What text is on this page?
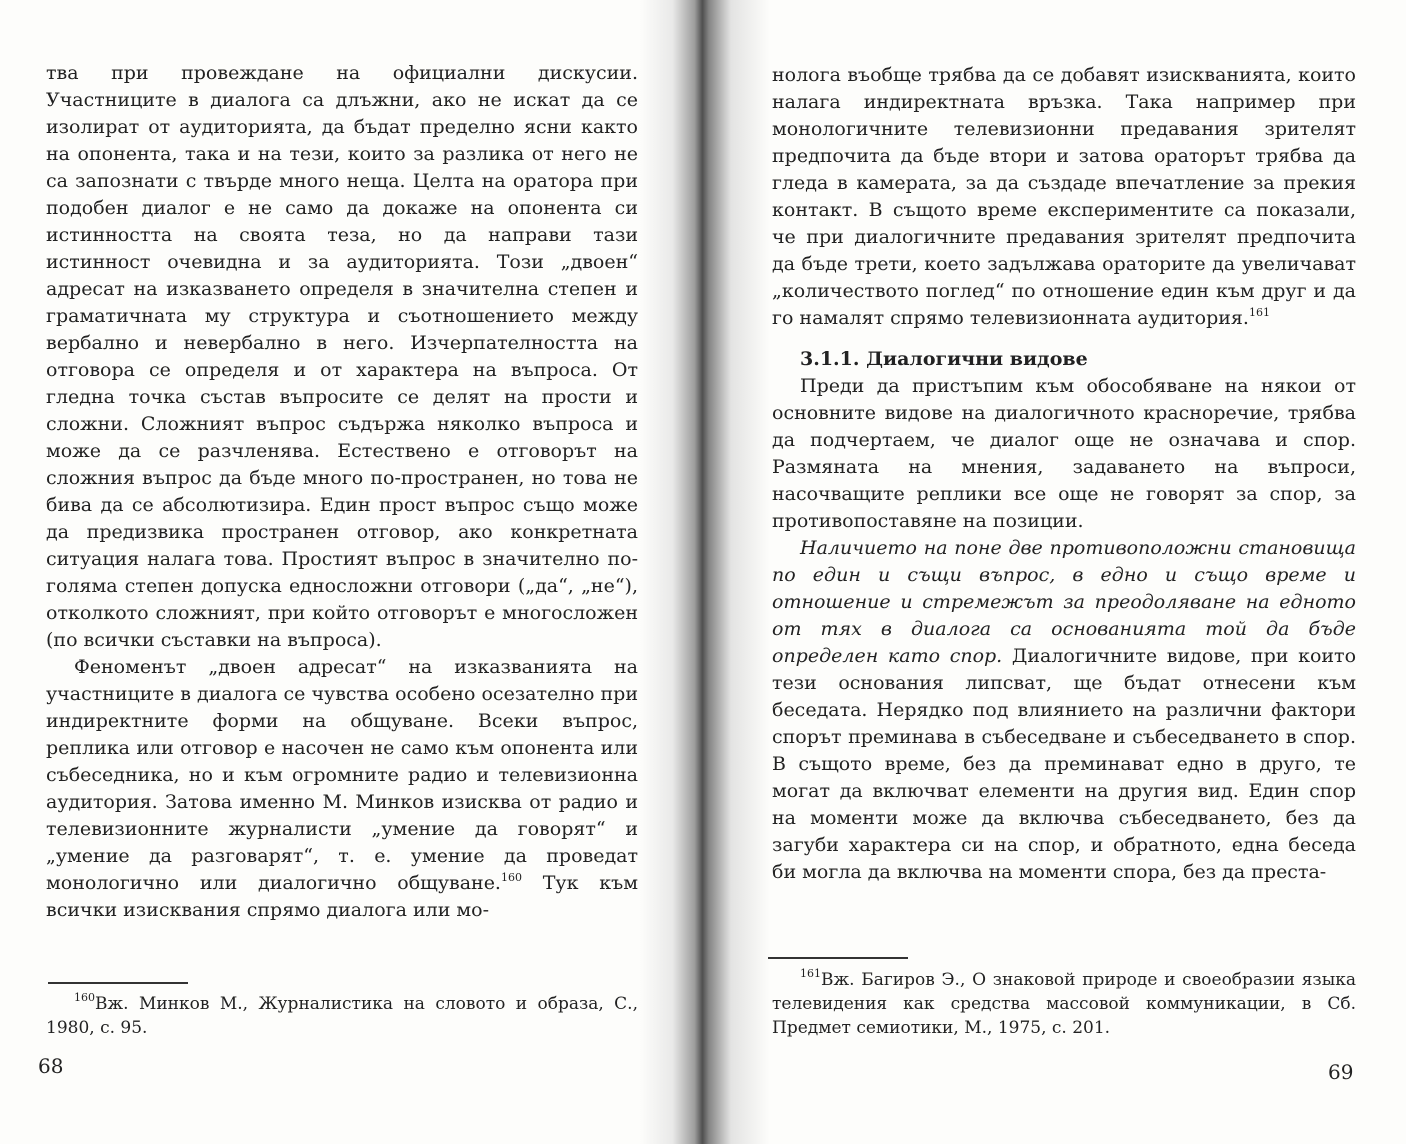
тва при провеждане на официални дискусии. Участниците в диалога са длъжни, ако не искат да се изолират от аудиторията, да бъдат пределно ясни както на опонента, така и на тези, които за разлика от него не са запознати с твърде много неща. Целта на оратора при подобен диалог е не само да докаже на опонента си истинността на своята теза, но да направи тази истинност очевидна и за аудиторията. Този „двоен“ адресат на изказването определя в значителна степен и граматичната му структура и съотношението между вербално и невербално в него. Изчерпателността на отговора се определя и от характера на въпроса. От гледна точка състав въпросите се делят на прости и сложни. Сложният въпрос съдържа няколко въпроса и може да се разчленява. Естествено е отговорът на сложния въпрос да бъде много по-пространен, но това не бива да се абсолютизира. Един прост въпрос също може да предизвика пространен отговор, ако конкретната ситуация налага това. Простият въпрос в значително по-голяма степен допуска едносложни отговори („да“, „не“), отколкото сложният, при който отговорът е многосложен (по всички съставки на въпроса).

Феноменът „двоен адресат“ на изказванията на участниците в диалога се чувства особено осезателно при индиректните форми на общуване. Всеки въпрос, реплика или отговор е насочен не само към опонента или събеседника, но и към огромните радио и телевизионна аудитория. Затова именно М. Минков изисква от радио и телевизионните журналисти „умение да говорят“ и „умение да разговарят“, т. е. умение да проведат монологично или диалогично общуване.$^{160}$ Тук към всички изисквания спрямо диалога или мо-

$^{160}$Вж. Минков М., Журналистика на словото и образа, С., 1980, с. 95.
68

нолога въобще трябва да се добавят изискванията, които налага индиректната връзка. Така например при монологичните телевизионни предавания зрителят предпочита да бъде втори и затова ораторът трябва да гледа в камерата, за да създаде впечатление за прекия контакт. В същото време експериментите са показали, че при диалогичните предавания зрителят предпочита да бъде трети, което задължава ораторите да увеличават „количеството поглед“ по отношение един към друг и да го намалят спрямо телевизионната аудитория.$^{161}$

3.1.1. Диалогични видове

Преди да пристъпим към обособяване на някои от основните видове на диалогичното красноречие, трябва да подчертаем, че диалог още не означава и спор. Размяната на мнения, задаването на въпроси, насочващите реплики все още не говорят за спор, за противопоставяне на позиции.

Наличието на поне две противоположни становища по един и същи въпрос, в едно и също време и отношение и стремежът за преодоляване на едното от тях в диалога са основанията той да бъде определен като спор. Диалогичните видове, при които тези основания липсват, ще бъдат отнесени към беседата. Нерядко под влиянието на различни фактори спорът преминава в събеседване и събеседването в спор. В същото време, без да преминават едно в друго, те могат да включват елементи на другия вид. Един спор на моменти може да включва събеседването, без да загуби характера си на спор, и обратното, една беседа би могла да включва на моменти спора, без да преста-

$^{161}$Вж. Багиров Э., О знаковой природе и своеобразии языка телевидения как средства массовой коммуникации, в Сб. Предмет семиотики, М., 1975, с. 201.
69
